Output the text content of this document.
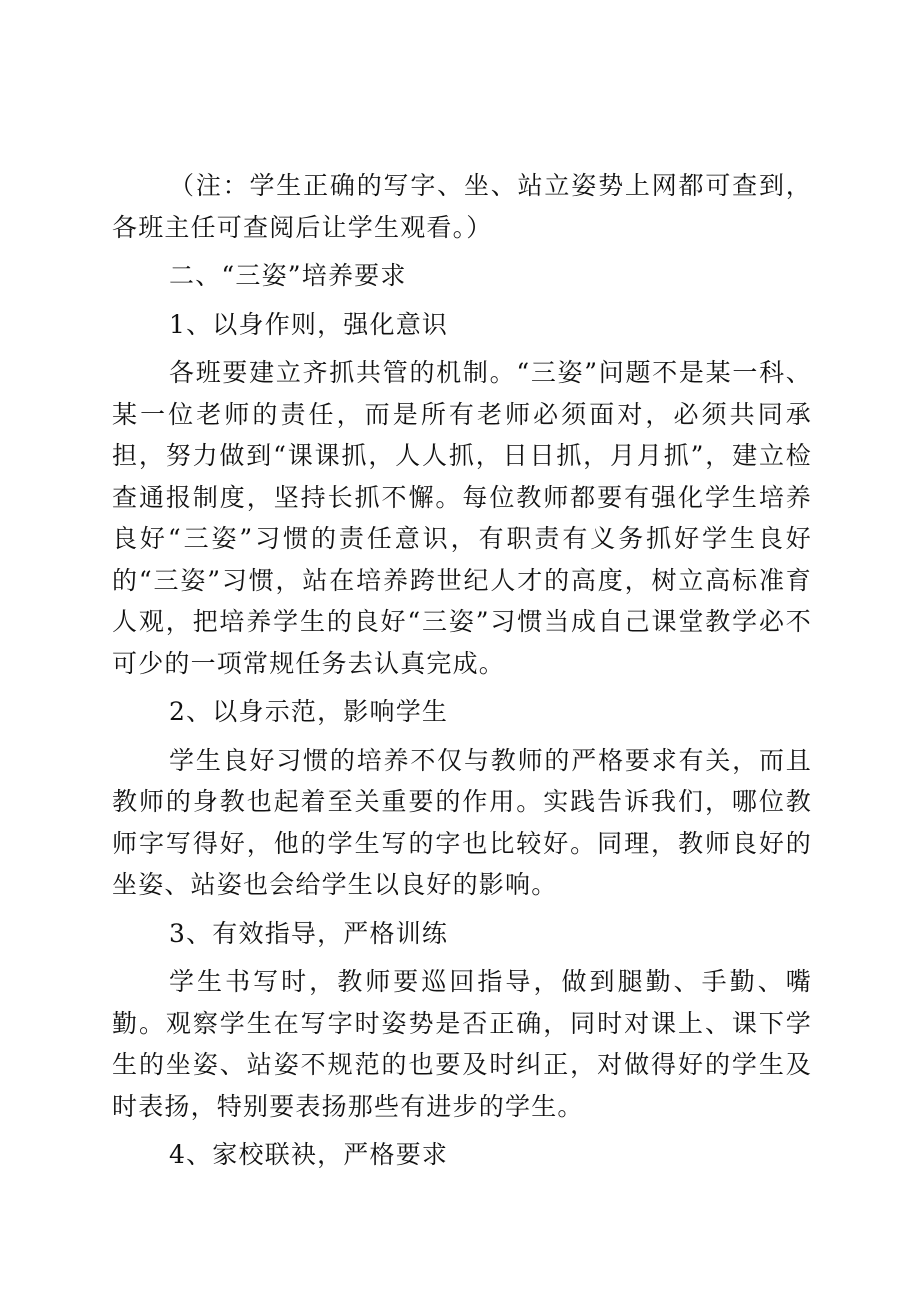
（注：学生正确的写字、坐、站立姿势上网都可查到，各班主任可查阅后让学生观看。）

二、“三姿”培养要求

1、以身作则，强化意识

各班要建立齐抓共管的机制。“三姿”问题不是某一科、某一位老师的责任，而是所有老师必须面对，必须共同承担，努力做到“课课抓，人人抓，日日抓，月月抓”，建立检查通报制度，坚持长抓不懈。每位教师都要有强化学生培养良好“三姿”习惯的责任意识，有职责有义务抓好学生良好的“三姿”习惯，站在培养跨世纪人才的高度，树立高标准育人观，把培养学生的良好“三姿”习惯当成自己课堂教学必不可少的一项常规任务去认真完成。

2、以身示范，影响学生

学生良好习惯的培养不仅与教师的严格要求有关，而且教师的身教也起着至关重要的作用。实践告诉我们，哪位教师字写得好，他的学生写的字也比较好。同理，教师良好的坐姿、站姿也会给学生以良好的影响。

3、有效指导，严格训练

学生书写时，教师要巡回指导，做到腿勤、手勤、嘴勤。观察学生在写字时姿势是否正确，同时对课上、课下学生的坐姿、站姿不规范的也要及时纠正，对做得好的学生及时表扬，特别要表扬那些有进步的学生。

4、家校联袂，严格要求
